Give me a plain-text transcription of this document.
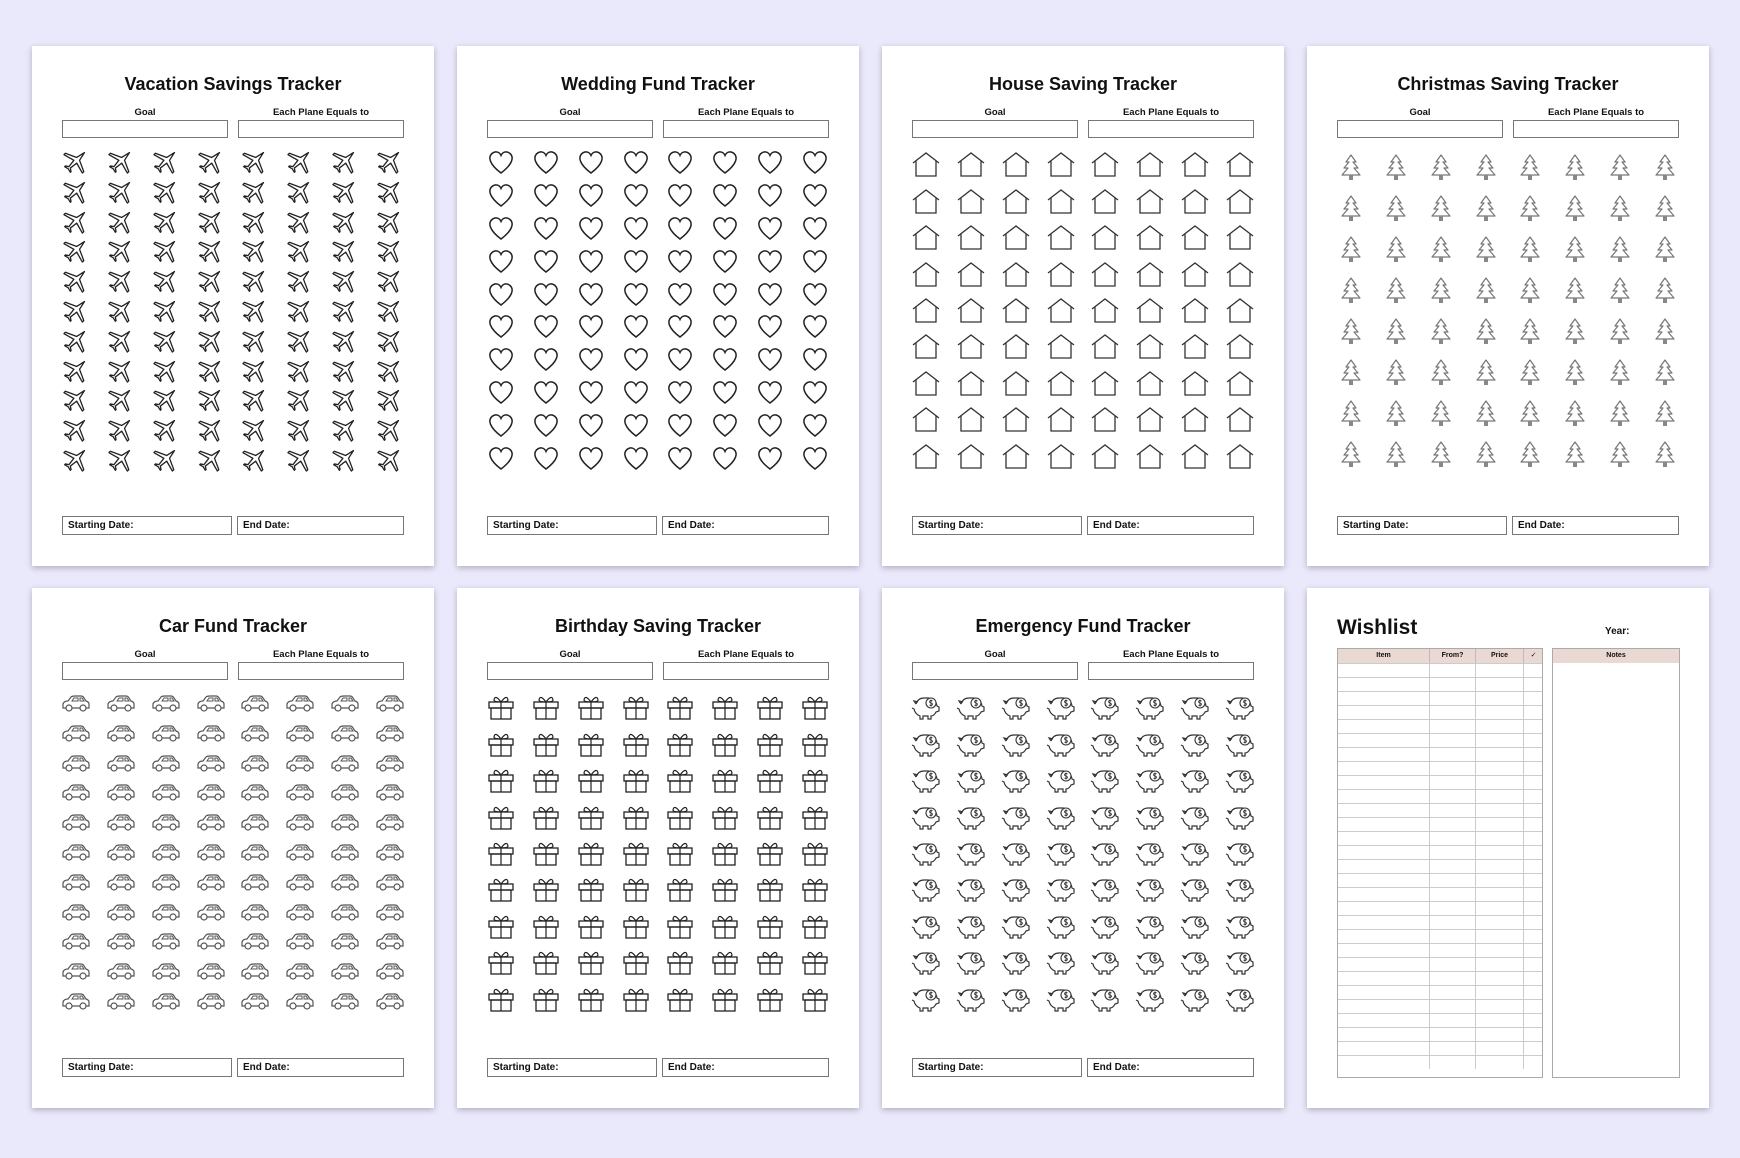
Vacation Savings Tracker
Goal	Each Plane Equals to
Starting Date:	End Date:
Wedding Fund Tracker
Goal	Each Plane Equals to
Starting Date:	End Date:
House Saving Tracker
Goal	Each Plane Equals to
Starting Date:	End Date:
Christmas Saving Tracker
Goal	Each Plane Equals to
Starting Date:	End Date:
Car Fund Tracker
Goal	Each Plane Equals to
Starting Date:	End Date:
Birthday Saving Tracker
Goal	Each Plane Equals to
Starting Date:	End Date:
Emergency Fund Tracker
Goal	Each Plane Equals to
Starting Date:	End Date:
Wishlist	Year:
Item	From?	Price	✓	Notes
